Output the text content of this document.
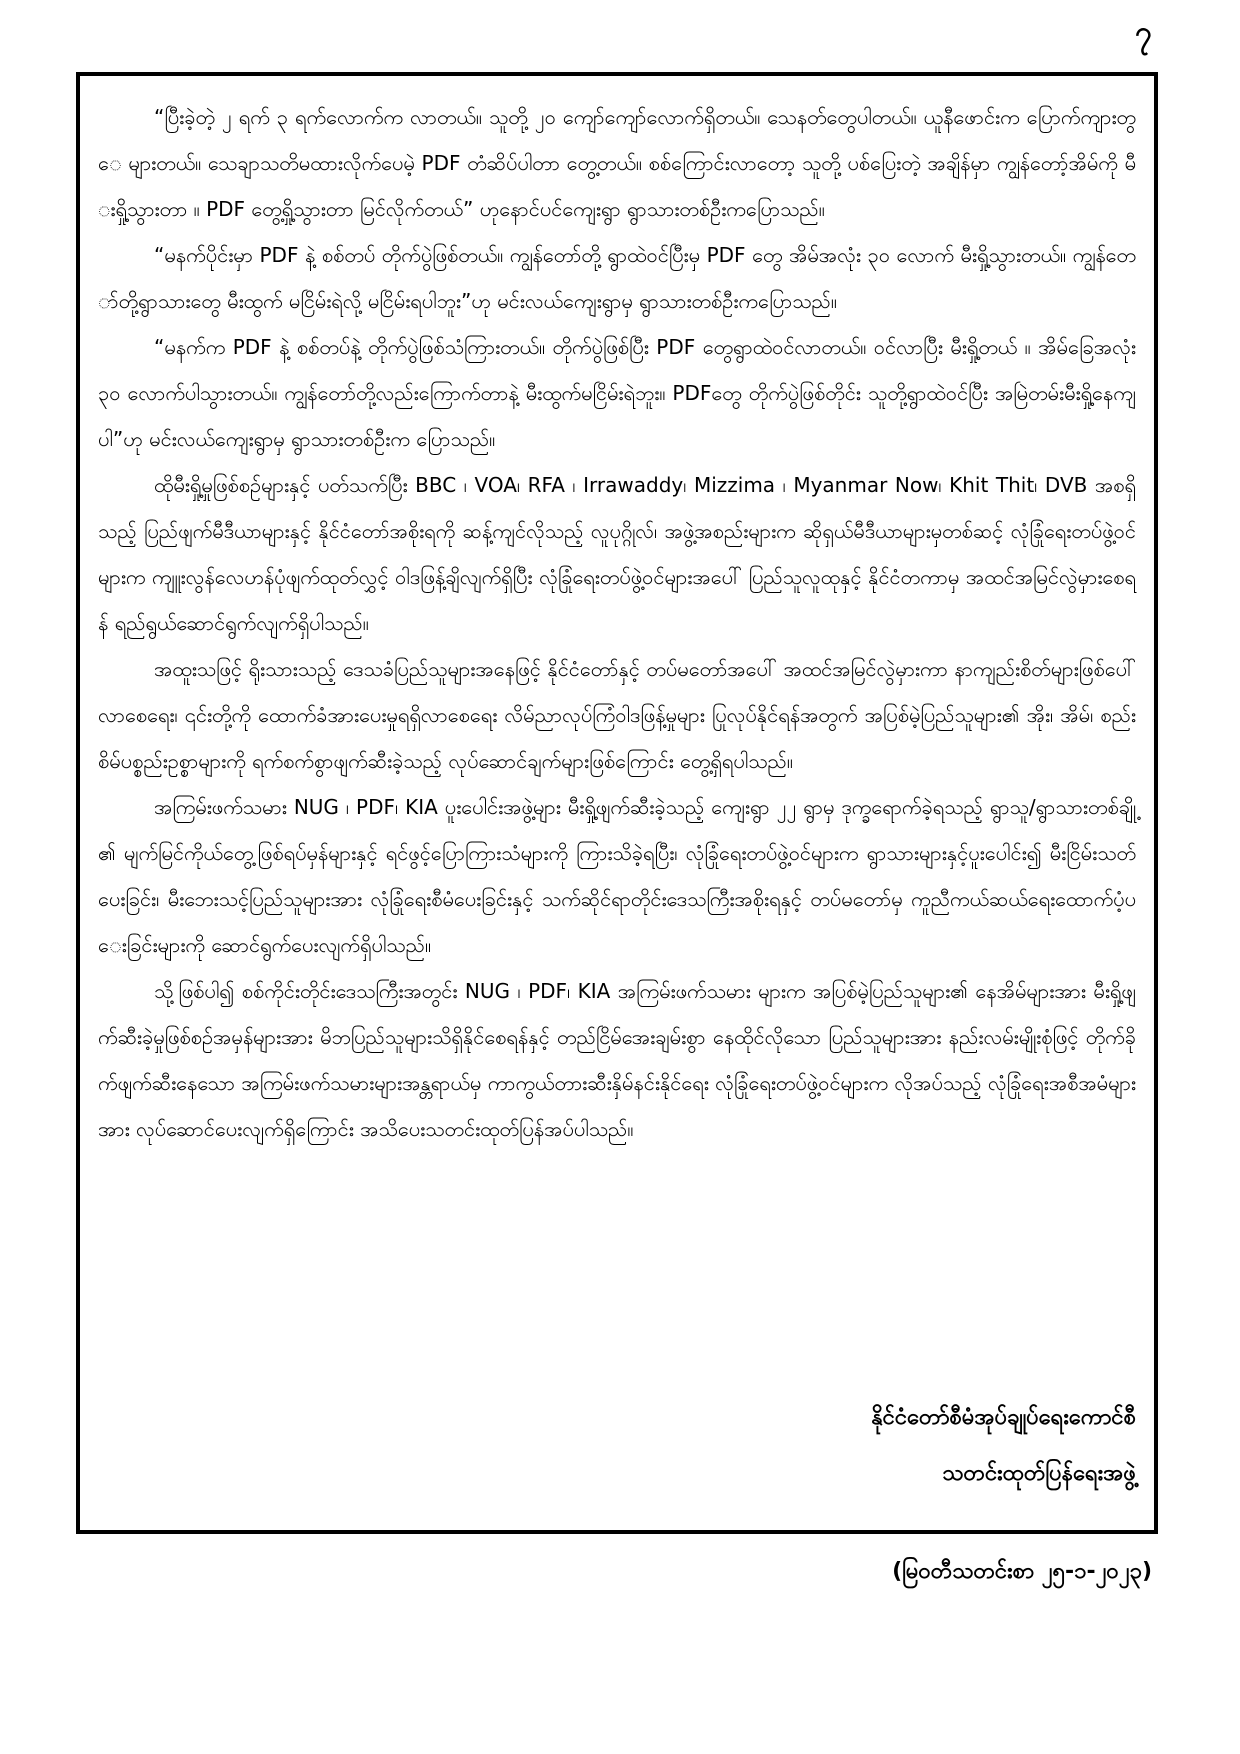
၇

“ပြီးခဲ့တဲ့ ၂ ရက် ၃ ရက်လောက်က လာတယ်။ သူတို့ ၂၀ ကျော်ကျော်လောက်ရှိတယ်။ သေနတ်တွေပါတယ်။ ယူနီဖောင်းက ပြောက်ကျားတွေ များတယ်။ သေချာသတိမထားလိုက်ပေမဲ့ PDF တံဆိပ်ပါတာ တွေ့တယ်။ စစ်ကြောင်းလာတော့ သူတို့ ပစ်ပြေးတဲ့ အချိန်မှာ ကျွန်တော့်အိမ်ကို မီးရှို့သွားတာ ။ PDF တွေ့ရှို့သွားတာ မြင်လိုက်တယ်” ဟုနောင်ပင်ကျေးရွာ ရွာသားတစ်ဦးကပြောသည်။

“မနက်ပိုင်းမှာ PDF နဲ့ စစ်တပ် တိုက်ပွဲဖြစ်တယ်။ ကျွန်တော်တို့ ရွာထဲဝင်ပြီးမှ PDF တွေ အိမ်အလုံး ၃၀ လောက် မီးရှို့သွားတယ်။ ကျွန်တော်တို့ရွာသားတွေ မီးထွက် မငြိမ်းရဲလို့ မငြိမ်းရပါဘူး”ဟု မင်းလယ်ကျေးရွာမှ ရွာသားတစ်ဦးကပြောသည်။

“မနက်က PDF နဲ့ စစ်တပ်နဲ့ တိုက်ပွဲဖြစ်သံကြားတယ်။ တိုက်ပွဲဖြစ်ပြီး PDF တွေရွာထဲဝင်လာတယ်။ ဝင်လာပြီး မီးရှို့တယ် ။ အိမ်ခြေအလုံး ၃၀ လောက်ပါသွားတယ်။ ကျွန်တော်တို့လည်းကြောက်တာနဲ့ မီးထွက်မငြိမ်းရဲဘူး။ PDFတွေ တိုက်ပွဲဖြစ်တိုင်း သူတို့ရွာထဲဝင်ပြီး အမြဲတမ်းမီးရှို့နေကျပါ”ဟု မင်းလယ်ကျေးရွာမှ ရွာသားတစ်ဦးက ပြောသည်။

ထိုမီးရှို့မှုဖြစ်စဉ်များနှင့် ပတ်သက်ပြီး BBC ၊ VOA၊ RFA ၊ Irrawaddy၊ Mizzima ၊ Myanmar Now၊ Khit Thit၊ DVB အစရှိသည့် ပြည်ဖျက်မီဒီယာများနှင့် နိုင်ငံတော်အစိုးရကို ဆန့်ကျင်လိုသည့် လူပုဂ္ဂိုလ်၊ အဖွဲ့အစည်းများက ဆိုရှယ်မီဒီယာများမှတစ်ဆင့် လုံခြုံရေးတပ်ဖွဲ့ဝင်များက ကျူးလွန်လေဟန်ပုံဖျက်ထုတ်လွှင့် ဝါဒဖြန့်ချိလျက်ရှိပြီး လုံခြုံရေးတပ်ဖွဲ့ဝင်များအပေါ် ပြည်သူလူထုနှင့် နိုင်ငံတကာမှ အထင်အမြင်လွဲမှားစေရန် ရည်ရွယ်ဆောင်ရွက်လျက်ရှိပါသည်။

အထူးသဖြင့် ရိုးသားသည့် ဒေသခံပြည်သူများအနေဖြင့် နိုင်ငံတော်နှင့် တပ်မတော်အပေါ် အထင်အမြင်လွဲမှားကာ နာကျည်းစိတ်များဖြစ်ပေါ်လာစေရေး၊ ၎င်းတို့ကို ထောက်ခံအားပေးမှုရရှိလာစေရေး လိမ်ညာလုပ်ကြံဝါဒဖြန့်မှုများ ပြုလုပ်နိုင်ရန်အတွက် အပြစ်မဲ့ပြည်သူများ၏ အိုး၊ အိမ်၊ စည်းစိမ်ပစ္စည်းဥစ္စာများကို ရက်စက်စွာဖျက်ဆီးခဲ့သည့် လုပ်ဆောင်ချက်များဖြစ်ကြောင်း တွေ့ရှိရပါသည်။

အကြမ်းဖက်သမား NUG ၊ PDF၊ KIA ပူးပေါင်းအဖွဲ့များ မီးရှို့ဖျက်ဆီးခဲ့သည့် ကျေးရွာ ၂၂ ရွာမှ ဒုက္ခရောက်ခဲ့ရသည့် ရွာသူ/ရွာသားတစ်ချို့၏ မျက်မြင်ကိုယ်တွေ့ဖြစ်ရပ်မှန်များနှင့် ရင်ဖွင့်ပြောကြားသံများကို ကြားသိခဲ့ရပြီး၊ လုံခြုံရေးတပ်ဖွဲ့ဝင်များက ရွာသားများနှင့်ပူးပေါင်း၍ မီးငြိမ်းသတ်ပေးခြင်း၊ မီးဘေးသင့်ပြည်သူများအား လုံခြုံရေးစီမံပေးခြင်းနှင့် သက်ဆိုင်ရာတိုင်းဒေသကြီးအစိုးရနှင့် တပ်မတော်မှ ကူညီကယ်ဆယ်ရေးထောက်ပံ့ပေးခြင်းများကို ဆောင်ရွက်ပေးလျက်ရှိပါသည်။

သို့ဖြစ်ပါ၍ စစ်ကိုင်းတိုင်းဒေသကြီးအတွင်း NUG ၊ PDF၊ KIA အကြမ်းဖက်သမား များက အပြစ်မဲ့ပြည်သူများ၏ နေအိမ်များအား မီးရှို့ဖျက်ဆီးခဲ့မှုဖြစ်စဉ်အမှန်များအား မိဘပြည်သူများသိရှိနိုင်စေရန်နှင့် တည်ငြိမ်အေးချမ်းစွာ နေထိုင်လိုသော ပြည်သူများအား နည်းလမ်းမျိုးစုံဖြင့် တိုက်ခိုက်ဖျက်ဆီးနေသော အကြမ်းဖက်သမားများအန္တရာယ်မှ ကာကွယ်တားဆီးနှိမ်နင်းနိုင်ရေး လုံခြုံရေးတပ်ဖွဲ့ဝင်များက လိုအပ်သည့် လုံခြုံရေးအစီအမံများအား လုပ်ဆောင်ပေးလျက်ရှိကြောင်း အသိပေးသတင်းထုတ်ပြန်အပ်ပါသည်။

နိုင်ငံတော်စီမံအုပ်ချုပ်ရေးကောင်စီ
သတင်းထုတ်ပြန်ရေးအဖွဲ့
(မြဝတီသတင်းစာ ၂၅-၁-၂၀၂၃)
